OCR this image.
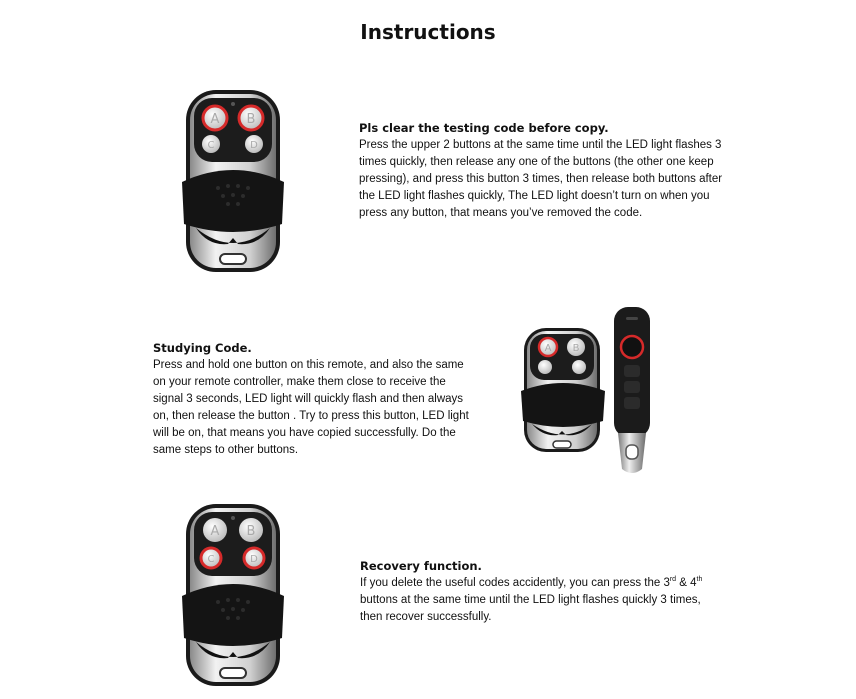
Instructions
A B
C	D

Pls clear the testing code before copy.

Press the upper 2 buttons at the same time until the LED light flashes 3

times quickly, then release any one of the buttons (the other one keep

pressing), and press this button 3 times, then release both buttons after

the LED light flashes quickly, The LED light doesn’t turn on when you

press any button, that means you’ve removed the code.

Studying Code.

Press and hold one button on this remote, and also the same

on your remote controller, make them close to receive the

signal 3 seconds, LED light will quickly flash and then always

on, then release the button . Try to press this button, LED light

will be on, that means you have copied successfully. Do the

same steps to other buttons.

A B
A B
C	D	Recovery function.

If you delete the useful codes accidently, you can press the 3rd & 4th

buttons at the same time until the LED light flashes quickly 3 times,

then recover successfully.
